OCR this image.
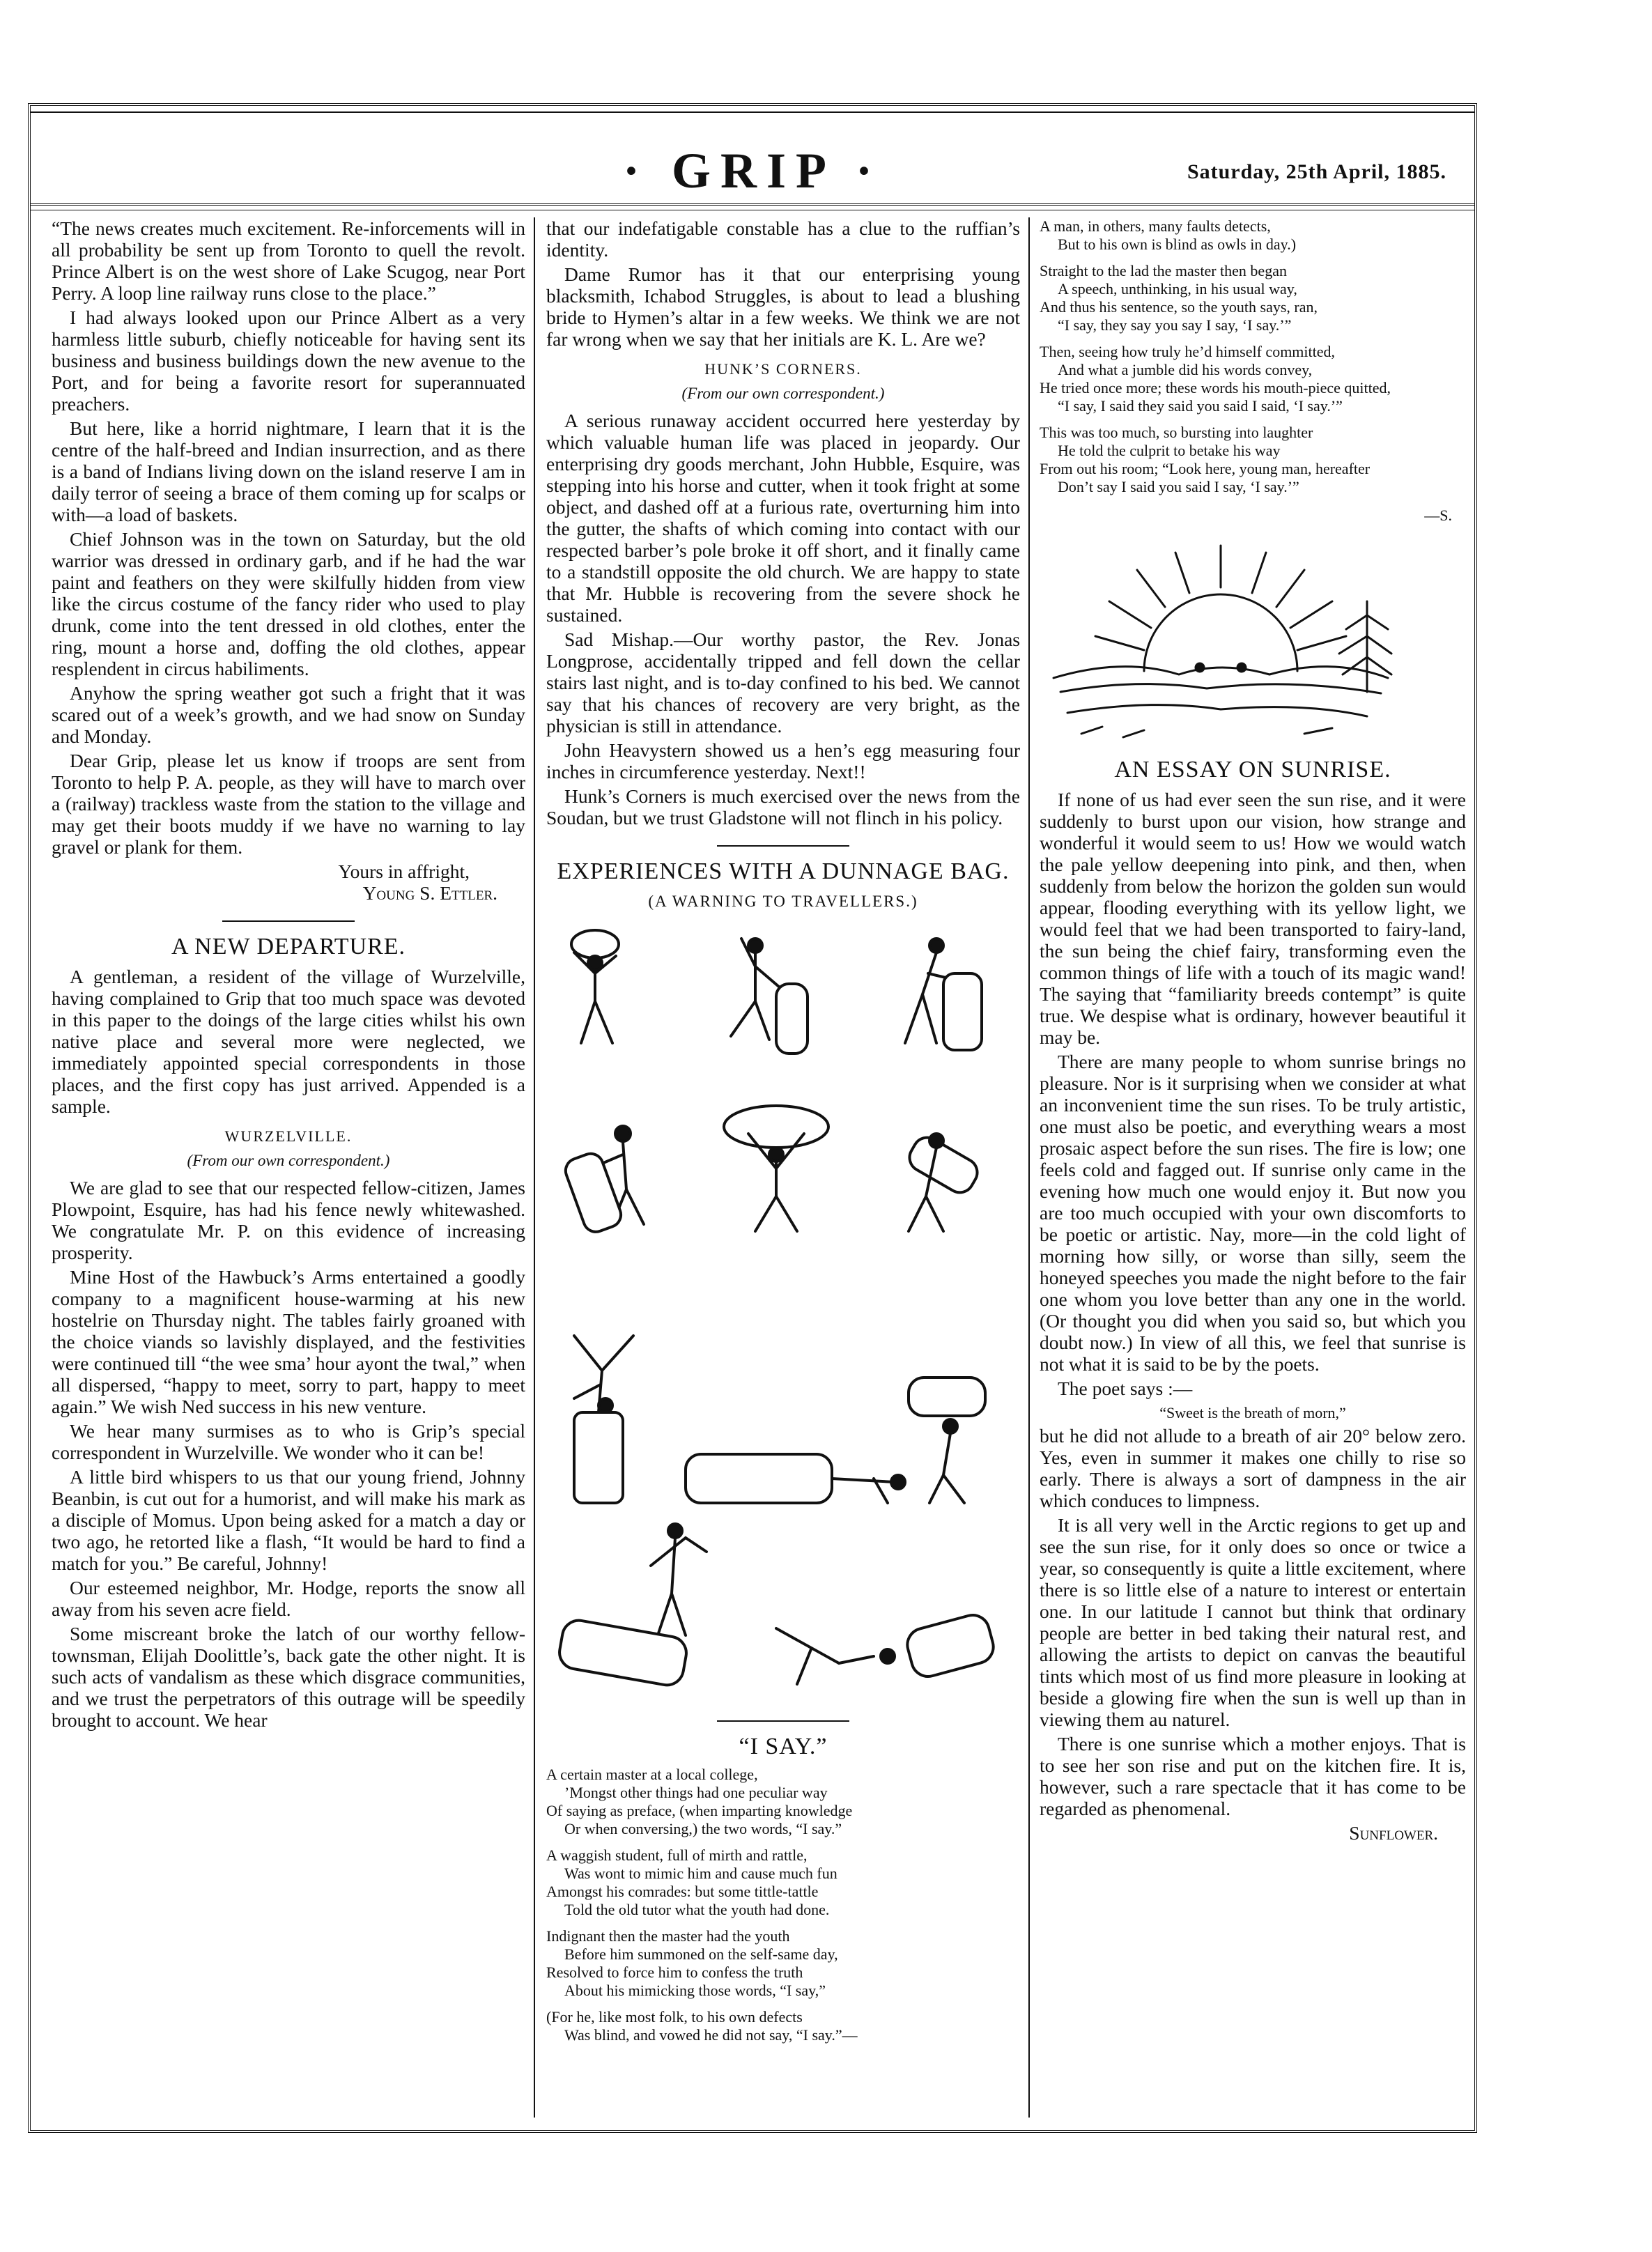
· GRIP ·	Saturday, 25th April, 1885.

“The news creates much excitement. Re-inforcements will in all probability be sent up from Toronto to quell the revolt. Prince Albert is on the west shore of Lake Scugog, near Port Perry. A loop line railway runs close to the place.”

I had always looked upon our Prince Albert as a very harmless little suburb, chiefly noticeable for having sent its business and business buildings down the new avenue to the Port, and for being a favorite resort for superannuated preachers.

But here, like a horrid nightmare, I learn that it is the centre of the half-breed and Indian insurrection, and as there is a band of Indians living down on the island reserve I am in daily terror of seeing a brace of them coming up for scalps or with—a load of baskets.

Chief Johnson was in the town on Saturday, but the old warrior was dressed in ordinary garb, and if he had the war paint and feathers on they were skilfully hidden from view like the circus costume of the fancy rider who used to play drunk, come into the tent dressed in old clothes, enter the ring, mount a horse and, doffing the old clothes, appear resplendent in circus habiliments.

Anyhow the spring weather got such a fright that it was scared out of a week’s growth, and we had snow on Sunday and Monday.

Dear Grip, please let us know if troops are sent from Toronto to help P. A. people, as they will have to march over a (railway) trackless waste from the station to the village and may get their boots muddy if we have no warning to lay gravel or plank for them.

Yours in affright,

Young S. Ettler.

A NEW DEPARTURE.

A gentleman, a resident of the village of Wurzelville, having complained to Grip that too much space was devoted in this paper to the doings of the large cities whilst his own native place and several more were neglected, we immediately appointed special correspondents in those places, and the first copy has just arrived. Appended is a sample.

WURZELVILLE.
(From our own correspondent.)

We are glad to see that our respected fellow-citizen, James Plowpoint, Esquire, has had his fence newly whitewashed. We congratulate Mr. P. on this evidence of increasing prosperity.

Mine Host of the Hawbuck’s Arms entertained a goodly company to a magnificent house-warming at his new hostelrie on Thursday night. The tables fairly groaned with the choice viands so lavishly displayed, and the festivities were continued till “the wee sma’ hour ayont the twal,” when all dispersed, “happy to meet, sorry to part, happy to meet again.” We wish Ned success in his new venture.

We hear many surmises as to who is Grip’s special correspondent in Wurzelville. We wonder who it can be!

A little bird whispers to us that our young friend, Johnny Beanbin, is cut out for a humorist, and will make his mark as a disciple of Momus. Upon being asked for a match a day or two ago, he retorted like a flash, “It would be hard to find a match for you.” Be careful, Johnny!

Our esteemed neighbor, Mr. Hodge, reports the snow all away from his seven acre field.

Some miscreant broke the latch of our worthy fellow-townsman, Elijah Doolittle’s, back gate the other night. It is such acts of vandalism as these which disgrace communities, and we trust the perpetrators of this outrage will be speedily brought to account. We hear

that our indefatigable constable has a clue to the ruffian’s identity.

Dame Rumor has it that our enterprising young blacksmith, Ichabod Struggles, is about to lead a blushing bride to Hymen’s altar in a few weeks. We think we are not far wrong when we say that her initials are K. L. Are we?

HUNK’S CORNERS.
(From our own correspondent.)

A serious runaway accident occurred here yesterday by which valuable human life was placed in jeopardy. Our enterprising dry goods merchant, John Hubble, Esquire, was stepping into his horse and cutter, when it took fright at some object, and dashed off at a furious rate, overturning him into the gutter, the shafts of which coming into contact with our respected barber’s pole broke it off short, and it finally came to a standstill opposite the old church. We are happy to state that Mr. Hubble is recovering from the severe shock he sustained.

Sad Mishap.—Our worthy pastor, the Rev. Jonas Longprose, accidentally tripped and fell down the cellar stairs last night, and is to-day confined to his bed. We cannot say that his chances of recovery are very bright, as the physician is still in attendance.

John Heavystern showed us a hen’s egg measuring four inches in circumference yesterday. Next!!

Hunk’s Corners is much exercised over the news from the Soudan, but we trust Gladstone will not flinch in his policy.

EXPERIENCES WITH A DUNNAGE BAG.
(A WARNING TO TRAVELLERS.)
“I SAY.”
A certain master at a local college,
’Mongst other things had one peculiar way
Of saying as preface, (when imparting knowledge
Or when conversing,) the two words, “I say.”
A waggish student, full of mirth and rattle,
Was wont to mimic him and cause much fun
Amongst his comrades: but some tittle-tattle
Told the old tutor what the youth had done.
Indignant then the master had the youth
Before him summoned on the self-same day,
Resolved to force him to confess the truth
About his mimicking those words, “I say,”
(For he, like most folk, to his own defects
Was blind, and vowed he did not say, “I say.”—
A man, in others, many faults detects,
But to his own is blind as owls in day.)
Straight to the lad the master then began
A speech, unthinking, in his usual way,
And thus his sentence, so the youth says, ran,
“I say, they say you say I say, ‘I say.’”
Then, seeing how truly he’d himself committed,
And what a jumble did his words convey,
He tried once more; these words his mouth-piece quitted,
“I say, I said they said you said I said, ‘I say.’”
This was too much, so bursting into laughter
He told the culprit to betake his way
From out his room; “Look here, young man, hereafter
Don’t say I said you said I say, ‘I say.’”

—S.

AN ESSAY ON SUNRISE.

If none of us had ever seen the sun rise, and it were suddenly to burst upon our vision, how strange and wonderful it would seem to us! How we would watch the pale yellow deepening into pink, and then, when suddenly from below the horizon the golden sun would appear, flooding everything with its yellow light, we would feel that we had been transported to fairy-land, the sun being the chief fairy, transforming even the common things of life with a touch of its magic wand! The saying that “familiarity breeds contempt” is quite true. We despise what is ordinary, however beautiful it may be.

There are many people to whom sunrise brings no pleasure. Nor is it surprising when we consider at what an inconvenient time the sun rises. To be truly artistic, one must also be poetic, and everything wears a most prosaic aspect before the sun rises. The fire is low; one feels cold and fagged out. If sunrise only came in the evening how much one would enjoy it. But now you are too much occupied with your own discomforts to be poetic or artistic. Nay, more—in the cold light of morning how silly, or worse than silly, seem the honeyed speeches you made the night before to the fair one whom you love better than any one in the world. (Or thought you did when you said so, but which you doubt now.) In view of all this, we feel that sunrise is not what it is said to be by the poets.

The poet says :—

“Sweet is the breath of morn,”

but he did not allude to a breath of air 20° below zero. Yes, even in summer it makes one chilly to rise so early. There is always a sort of dampness in the air which conduces to limpness.

It is all very well in the Arctic regions to get up and see the sun rise, for it only does so once or twice a year, so consequently is quite a little excitement, where there is so little else of a nature to interest or entertain one. In our latitude I cannot but think that ordinary people are better in bed taking their natural rest, and allowing the artists to depict on canvas the beautiful tints which most of us find more pleasure in looking at beside a glowing fire when the sun is well up than in viewing them au naturel.

There is one sunrise which a mother enjoys. That is to see her son rise and put on the kitchen fire. It is, however, such a rare spectacle that it has come to be regarded as phenomenal.

Sunflower.
